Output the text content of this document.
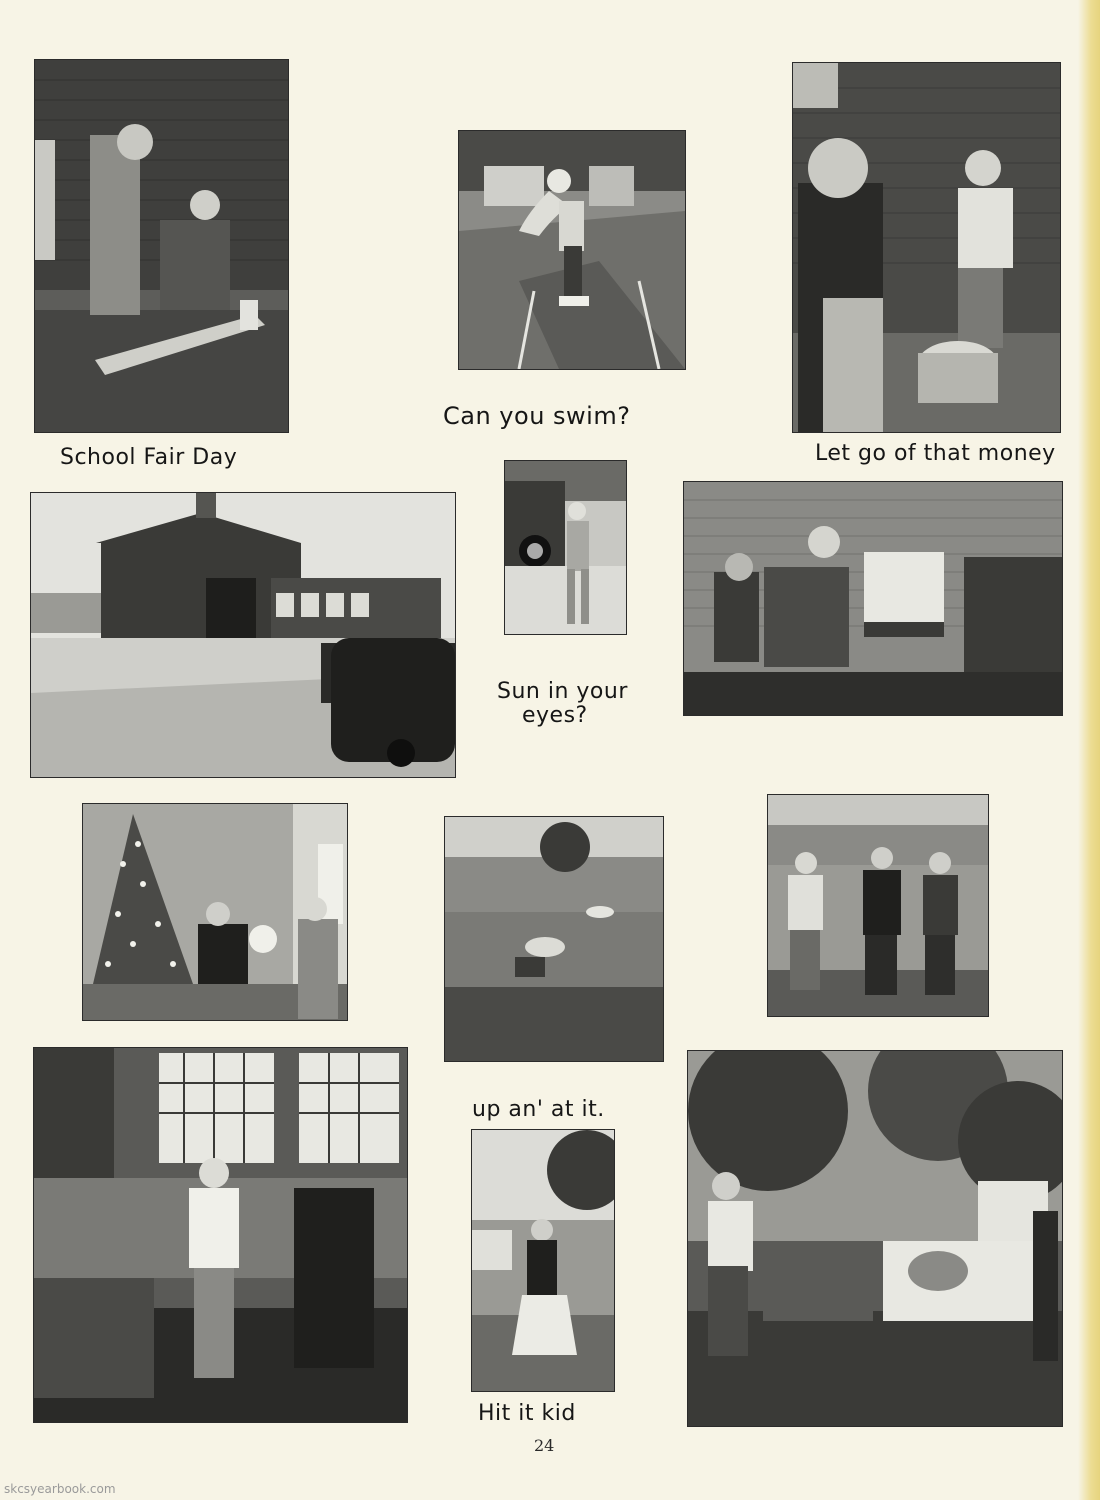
School Fair Day
Can you swim?
Let go of that money
Sun in your
eyes?
up an' at it.
Hit it kid
24
skcsyearbook.com
